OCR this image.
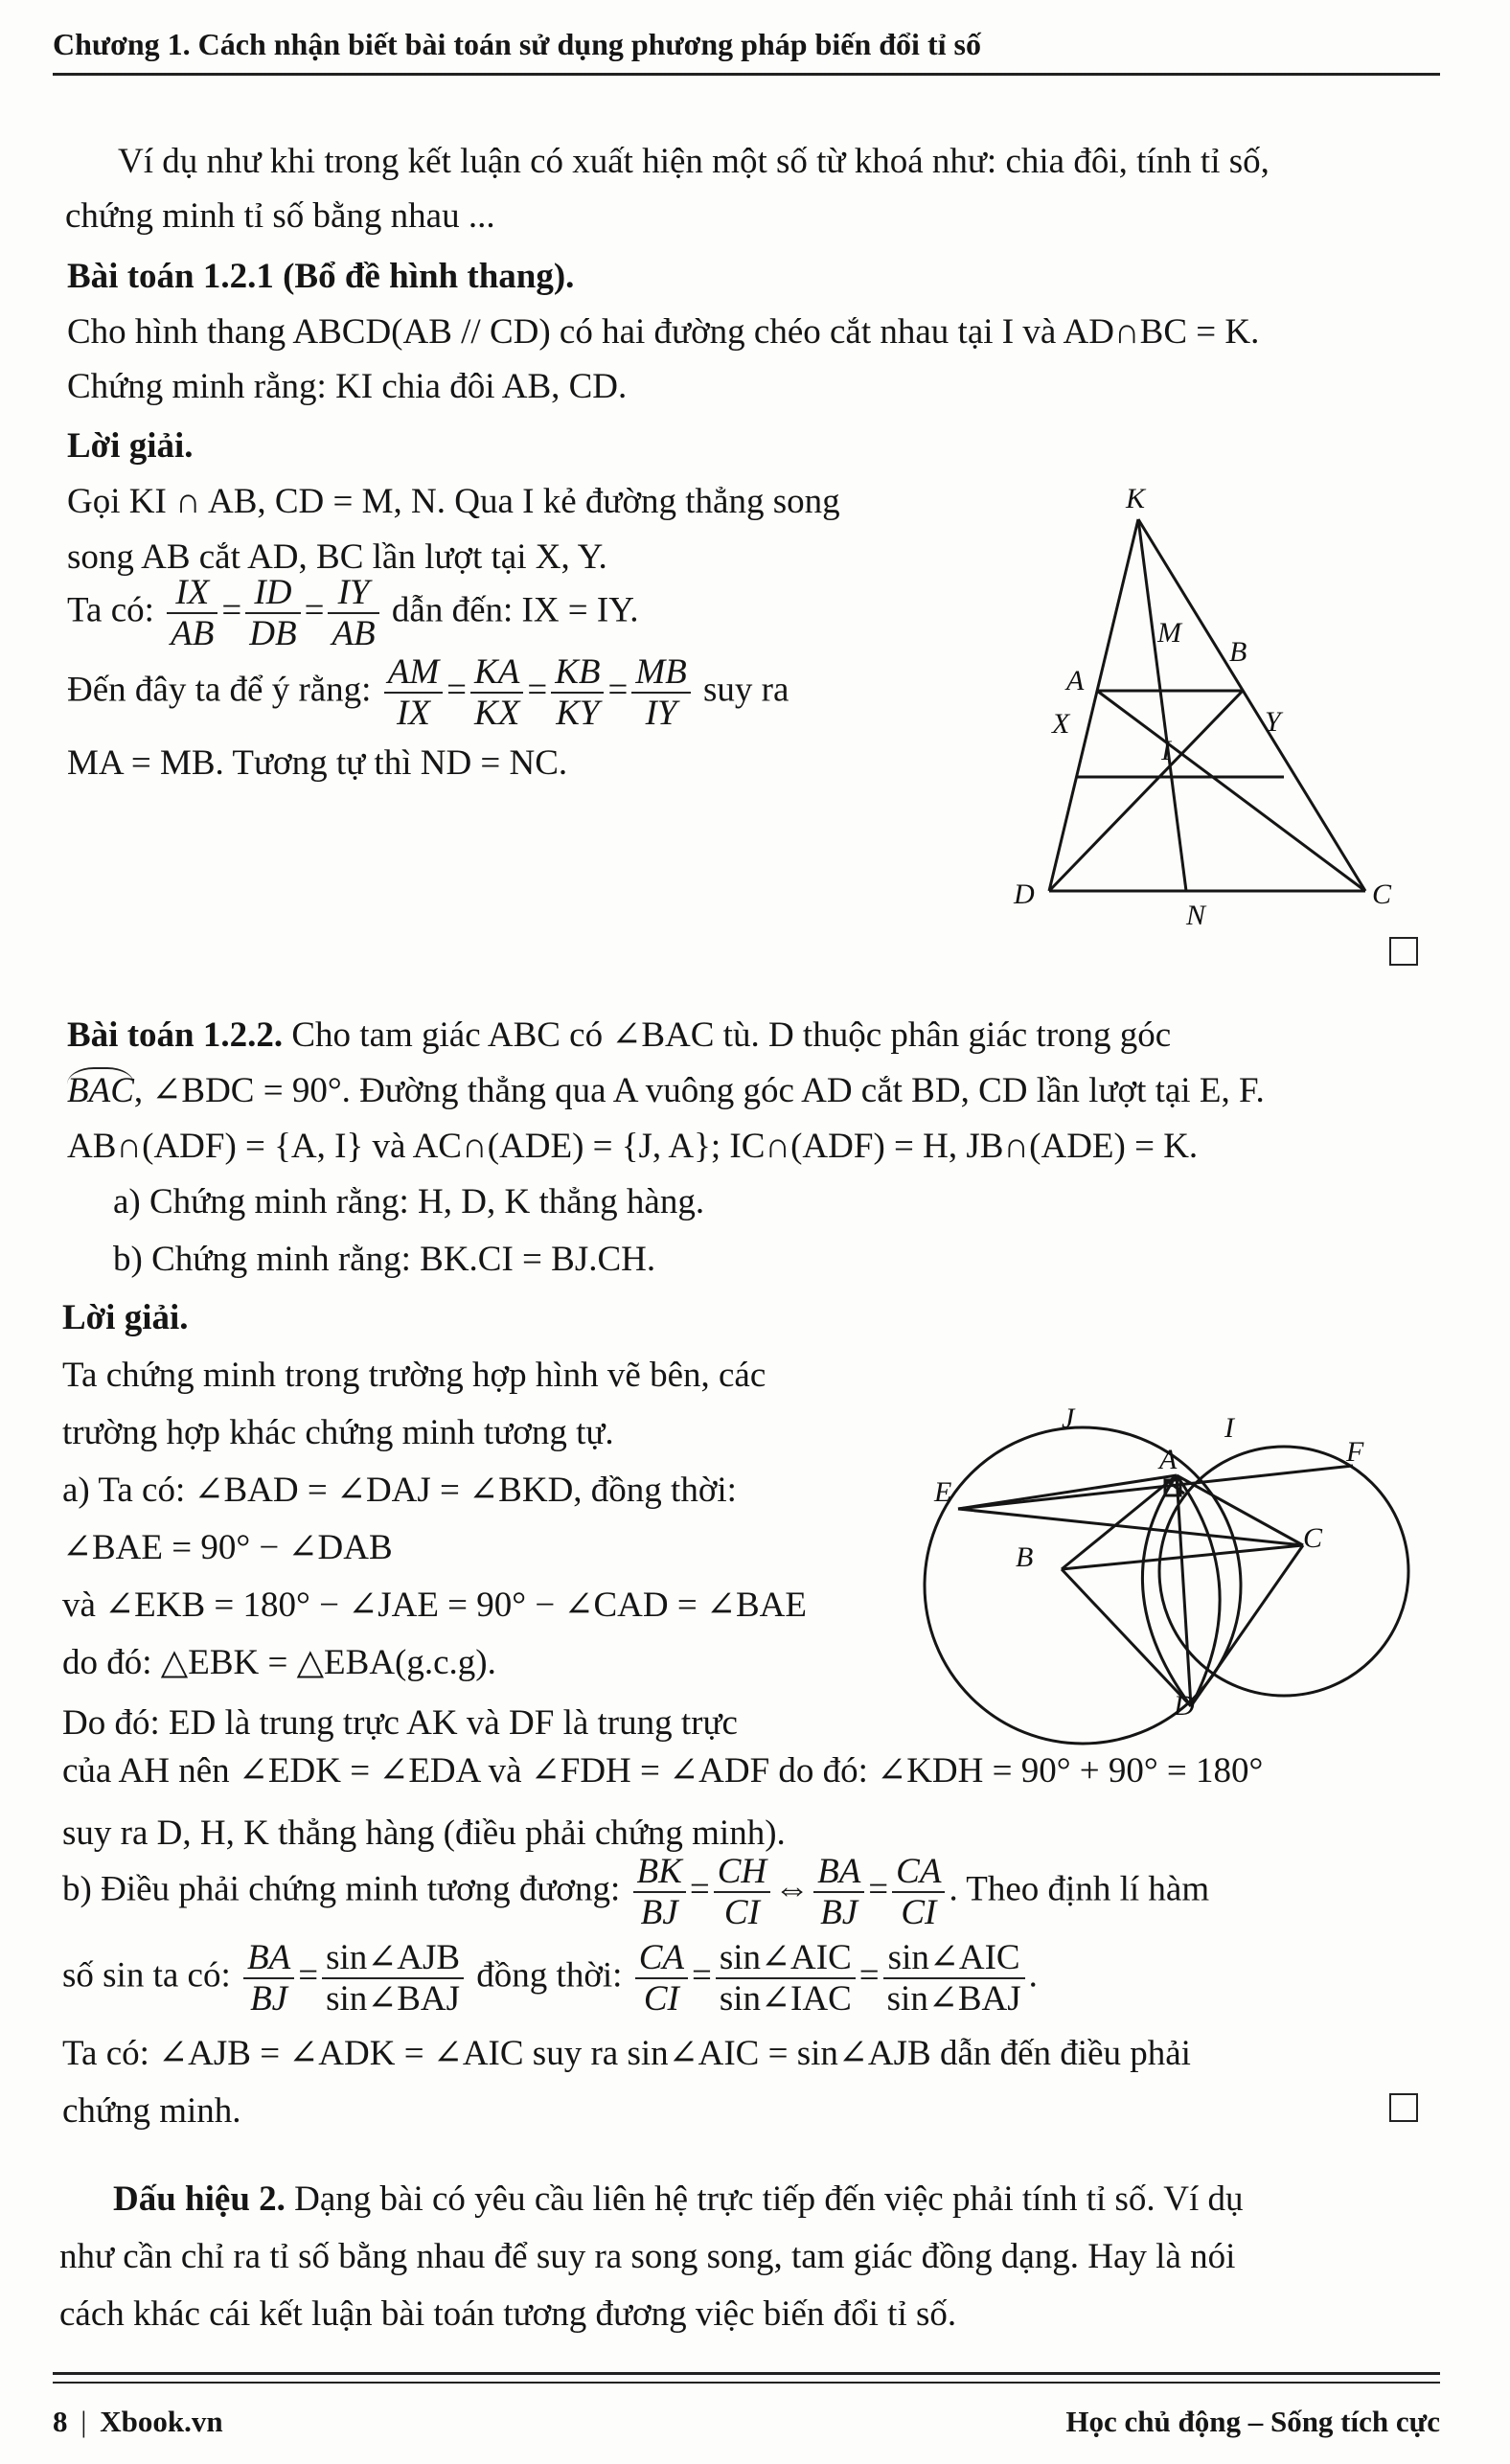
Chương 1. Cách nhận biết bài toán sử dụng phương pháp biến đổi tỉ số
Ví dụ như khi trong kết luận có xuất hiện một số từ khoá như: chia đôi, tính tỉ số,
chứng minh tỉ số bằng nhau ...
Bài toán 1.2.1 (Bổ đề hình thang).
Cho hình thang ABCD(AB // CD) có hai đường chéo cắt nhau tại I và AD∩BC = K.
Chứng minh rằng: KI chia đôi AB, CD.
Lời giải.
Gọi KI ∩ AB, CD = M, N. Qua I kẻ đường thẳng song
song AB cắt AD, BC lần lượt tại X, Y.
Ta có: $\frac{IX}{AB} = \frac{ID}{DB} = \frac{IY}{AB}$ dẫn đến: IX = IY.
Đến đây ta để ý rằng: $\frac{AM}{IX} = \frac{KA}{KX} = \frac{KB}{KY} = \frac{MB}{IY}$ suy ra
MA = MB. Tương tự thì ND = NC.
K
A
M
B
X	Y
I
D
N
C
Bài toán 1.2.2. Cho tam giác ABC có ∠BAC tù. D thuộc phân giác trong góc
BAC, ∠BDC = 90°. Đường thẳng qua A vuông góc AD cắt BD, CD lần lượt tại E, F.
AB∩(ADF) = {A, I} và AC∩(ADE) = {J, A}; IC∩(ADF) = H, JB∩(ADE) = K.
a) Chứng minh rằng: H, D, K thẳng hàng.
b) Chứng minh rằng: BK.CI = BJ.CH.
Lời giải.
Ta chứng minh trong trường hợp hình vẽ bên, các
trường hợp khác chứng minh tương tự.
a) Ta có: ∠BAD = ∠DAJ = ∠BKD, đồng thời:
∠BAE = 90° − ∠DAB
và ∠EKB = 180° − ∠JAE = 90° − ∠CAD = ∠BAE
do đó: △EBK = △EBA(g.c.g).
Do đó: ED là trung trực AK và DF là trung trực
của AH nên ∠EDK = ∠EDA và ∠FDH = ∠ADF do đó: ∠KDH = 90° + 90° = 180°
suy ra D, H, K thẳng hàng (điều phải chứng minh).
b) Điều phải chứng minh tương đương: $\frac{BK}{BJ} = \frac{CH}{CI}$ ⇔ $\frac{BA}{BJ} = \frac{CA}{CI}$ . Theo định lí hàm
số sin ta có: $\frac{BA}{BJ} = \frac{\text{sin∠AJB}}{\text{sin∠BAJ}}$ đồng thời: $\frac{CA}{CI} = \frac{\text{sin∠AIC}}{\text{sin∠IAC}} = \frac{\text{sin∠AIC}}{\text{sin∠BAJ}}$ .
Ta có: ∠AJB = ∠ADK = ∠AIC suy ra sin∠AIC = sin∠AJB dẫn đến điều phải
chứng minh.
J	I
A	F
E
C
B
D
Dấu hiệu 2. Dạng bài có yêu cầu liên hệ trực tiếp đến việc phải tính tỉ số. Ví dụ
như cần chỉ ra tỉ số bằng nhau để suy ra song song, tam giác đồng dạng. Hay là nói
cách khác cái kết luận bài toán tương đương việc biến đổi tỉ số.
8 | Xbook.vn	Học chủ động – Sống tích cực
